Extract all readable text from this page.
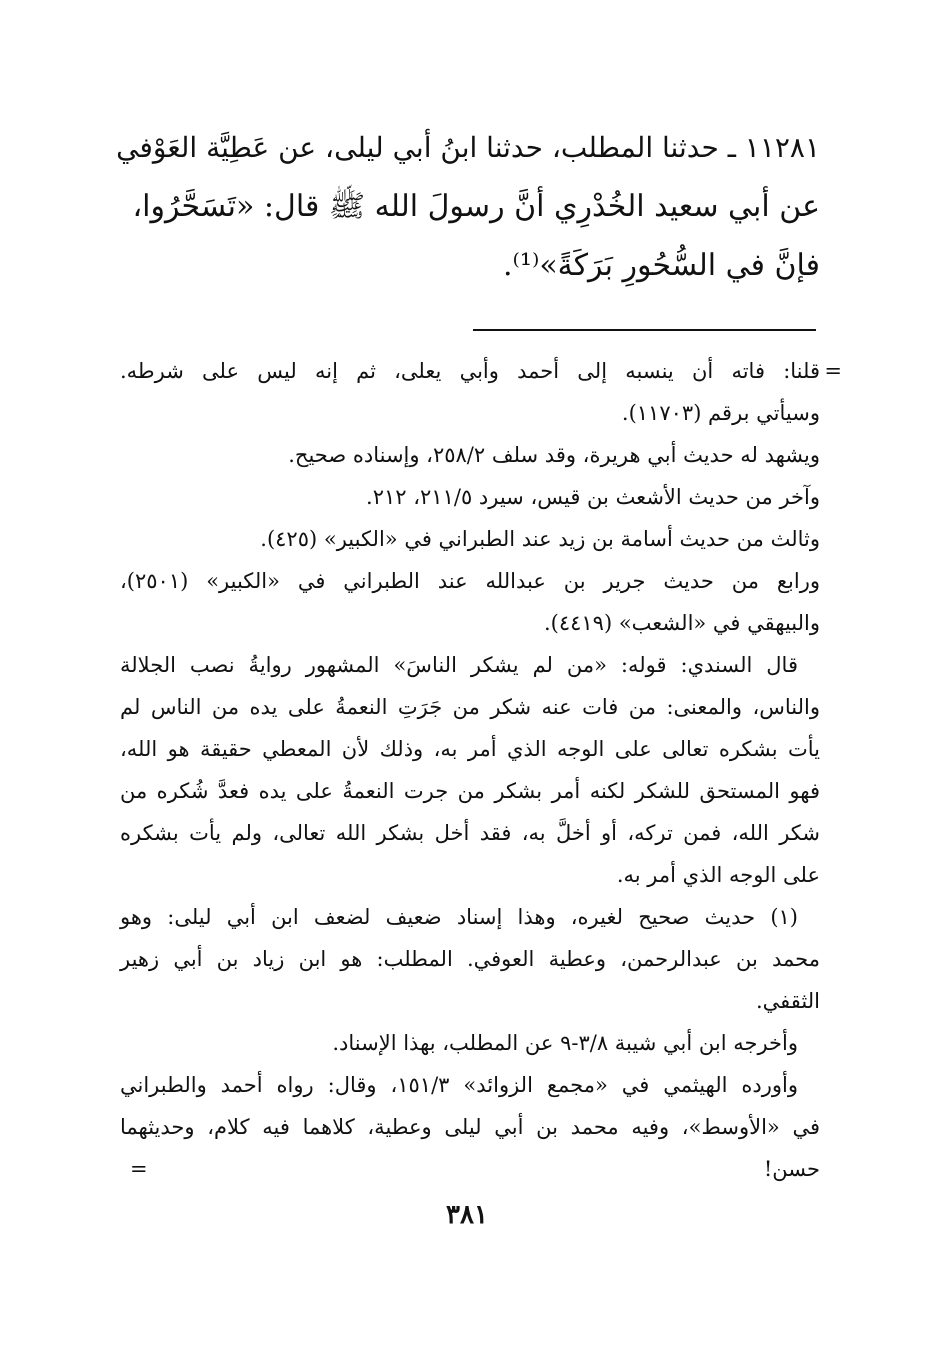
١١٢٨١ ـ حدثنا المطلب، حدثنا ابنُ أبي ليلى، عن عَطِيَّة العَوْفي

عن أبي سعيد الخُدْرِي أنَّ رسولَ الله ﷺ قال: «تَسَحَّرُوا،

فإنَّ في السُّحُورِ بَرَكَةً»⁽¹⁾.

=
قلنا: فاته أن ينسبه إلى أحمد وأبي يعلى، ثم إنه ليس على شرطه.

وسيأتي برقم (١١٧٠٣).

ويشهد له حديث أبي هريرة، وقد سلف ٢٥٨/٢، وإسناده صحيح.

وآخر من حديث الأشعث بن قيس، سيرد ٢١١/٥، ٢١٢.

وثالث من حديث أسامة بن زيد عند الطبراني في «الكبير» (٤٢٥).

ورابع من حديث جرير بن عبدالله عند الطبراني في «الكبير» (٢٥٠١)،

والبيهقي في «الشعب» (٤٤١٩).

قال السندي: قوله: «من لم يشكر الناسَ» المشهور روايةُ نصب الجلالة

والناس، والمعنى: من فات عنه شكر من جَرَتِ النعمةُ على يده من الناس لم

يأت بشكره تعالى على الوجه الذي أمر به، وذلك لأن المعطي حقيقة هو الله،

فهو المستحق للشكر لكنه أمر بشكر من جرت النعمةُ على يده فعدَّ شُكره من

شكر الله، فمن تركه، أو أخلَّ به، فقد أخل بشكر الله تعالى، ولم يأت بشكره

على الوجه الذي أمر به.

(١) حديث صحيح لغيره، وهذا إسناد ضعيف لضعف ابن أبي ليلى: وهو

محمد بن عبدالرحمن، وعطية العوفي. المطلب: هو ابن زياد بن أبي زهير

الثقفي.

وأخرجه ابن أبي شيبة ٣/٨-٩ عن المطلب، بهذا الإسناد.

وأورده الهيثمي في «مجمع الزوائد» ١٥١/٣، وقال: رواه أحمد والطبراني

في «الأوسط»، وفيه محمد بن أبي ليلى وعطية، كلاهما فيه كلام، وحديثهما

حسن!
=

٣٨١
